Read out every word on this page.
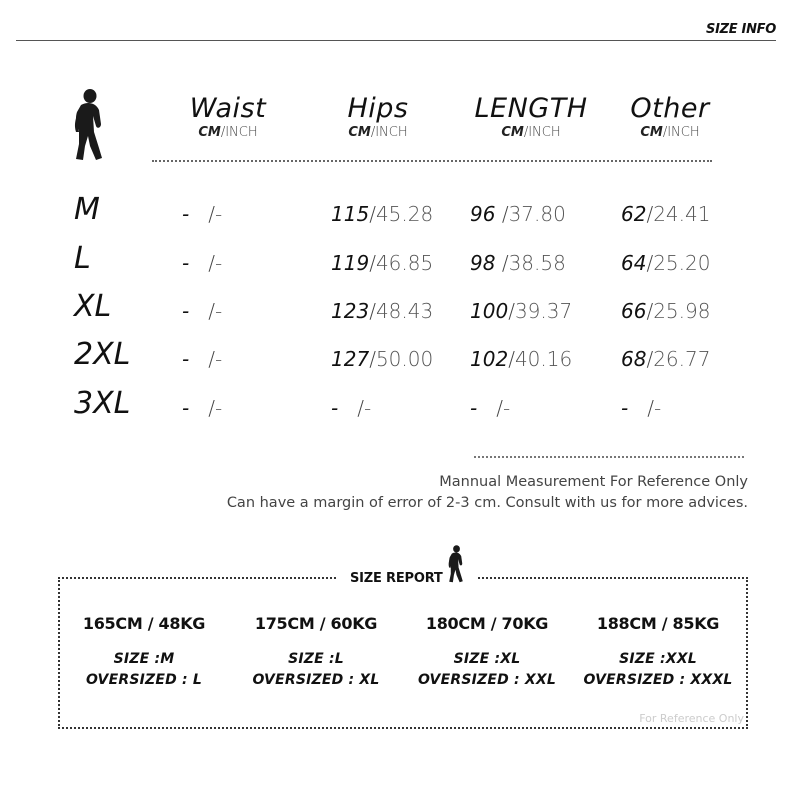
SIZE INFO
Waist
CM/INCH
Hips
CM/INCH
LENGTH
CM/INCH
Other
CM/INCH
M	- /-	115/45.28 96 /37.80	62/24.41
L	- /-	119/46.85 98 /38.58	64/25.20
XL	- /-	123/48.43 100/39.37 66/25.98
2XL	- /-	127/50.00 102/40.16 68/26.77
3XL	- /-	- /-	- /-	- /-
Mannual Measurement For Reference Only
Can have a margin of error of 2-3 cm. Consult with us for more advices.
SIZE REPORT
165CM / 48KG
SIZE :M
OVERSIZED : L
175CM / 60KG
SIZE :L
OVERSIZED : XL
180CM / 70KG
SIZE :XL
OVERSIZED : XXL
188CM / 85KG
SIZE :XXL
OVERSIZED : XXXL
For Reference Only
